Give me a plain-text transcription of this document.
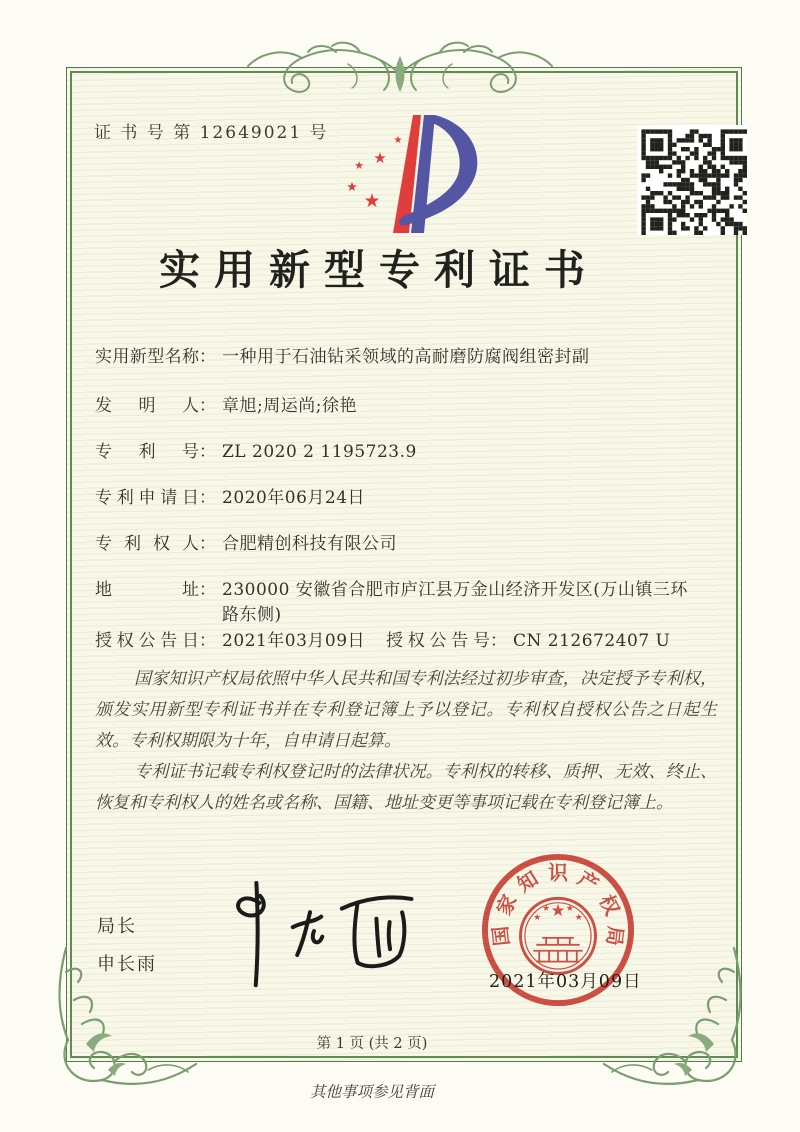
证 书 号 第 12649021 号	★
★
★
★
★
实用新型专利证书
实用新型名称： 一种用于石油钻采领域的高耐磨防腐阀组密封副
发明人： 章旭;周运尚;徐艳
专利号： ZL 2020 2 1195723.9
专利申请日： 2020年06月24日
专利权人： 合肥精创科技有限公司
地址： 230000 安徽省合肥市庐江县万金山经济开发区(万山镇三环路东侧)
授权公告日： 2021年03月09日 授权公告号： CN 212672407 U

国家知识产权局依照中华人民共和国专利法经过初步审查，决定授予专利权，颁发实用新型专利证书并在专利登记簿上予以登记。专利权自授权公告之日起生效。专利权期限为十年，自申请日起算。

专利证书记载专利权登记时的法律状况。专利权的转移、质押、无效、终止、恢复和专利权人的姓名或名称、国籍、地址变更等事项记载在专利登记簿上。

局长
申长雨
国
家
知 识 产
权
局
★
★
★ ★
★
2021年03月09日
第 1 页 (共 2 页)
其他事项参见背面
